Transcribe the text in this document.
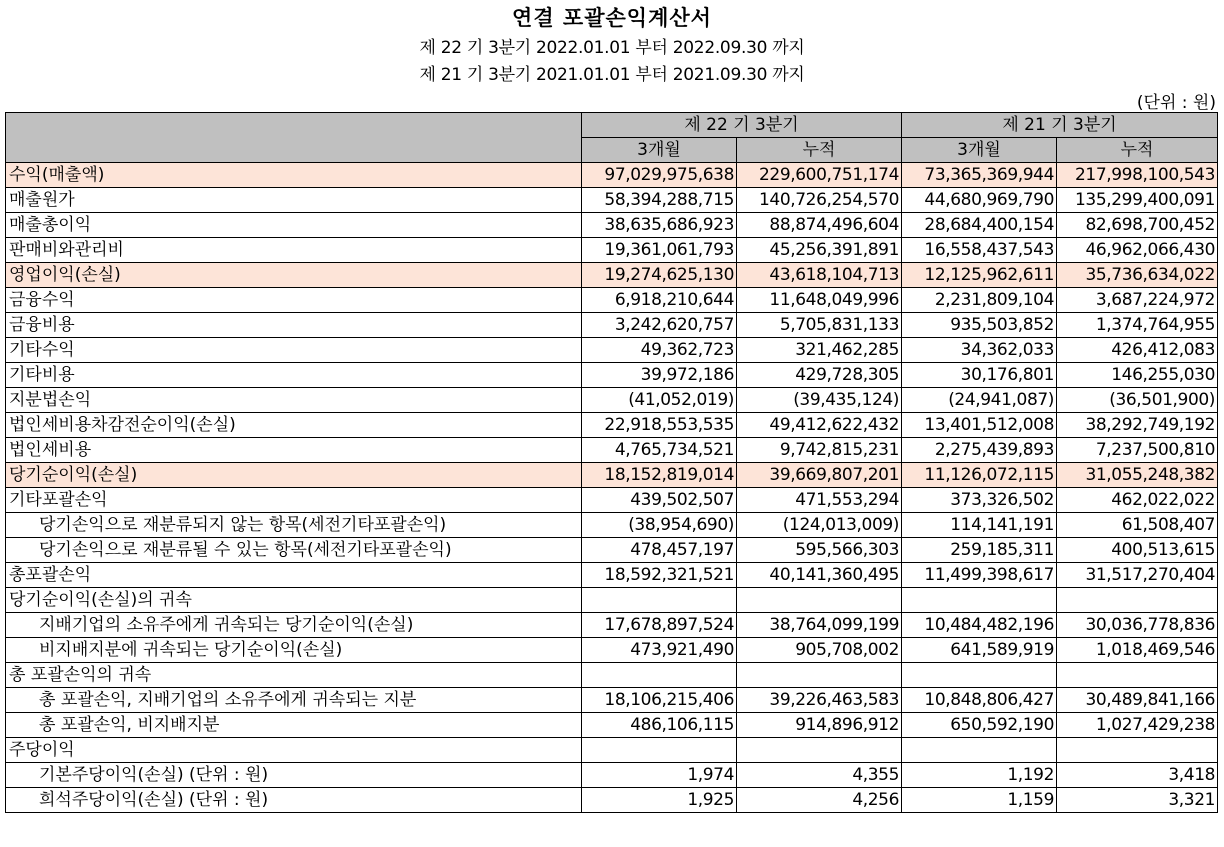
연결 포괄손익계산서
제 22 기 3분기 2022.01.01 부터 2022.09.30 까지
제 21 기 3분기 2021.01.01 부터 2021.09.30 까지
(단위 : 원)
	제 22 기 3분기		제 21 기 3분기	
	3개월	누적	3개월	누적
수익(매출액)	97,029,975,638	229,600,751,174	73,365,369,944	217,998,100,543
매출원가	58,394,288,715	140,726,254,570	44,680,969,790	135,299,400,091
매출총이익	38,635,686,923	88,874,496,604	28,684,400,154	82,698,700,452
판매비와관리비	19,361,061,793	45,256,391,891	16,558,437,543	46,962,066,430
영업이익(손실)	19,274,625,130	43,618,104,713	12,125,962,611	35,736,634,022
금융수익	6,918,210,644	11,648,049,996	2,231,809,104	3,687,224,972
금융비용	3,242,620,757	5,705,831,133	935,503,852	1,374,764,955
기타수익	49,362,723	321,462,285	34,362,033	426,412,083
기타비용	39,972,186	429,728,305	30,176,801	146,255,030
지분법손익	(41,052,019)	(39,435,124)	(24,941,087)	(36,501,900)
법인세비용차감전순이익(손실)	22,918,553,535	49,412,622,432	13,401,512,008	38,292,749,192
법인세비용	4,765,734,521	9,742,815,231	2,275,439,893	7,237,500,810
당기순이익(손실)	18,152,819,014	39,669,807,201	11,126,072,115	31,055,248,382
기타포괄손익	439,502,507	471,553,294	373,326,502	462,022,022
당기손익으로 재분류되지 않는 항목(세전기타포괄손익)	(38,954,690)	(124,013,009)	114,141,191	61,508,407
당기손익으로 재분류될 수 있는 항목(세전기타포괄손익)	478,457,197	595,566,303	259,185,311	400,513,615
총포괄손익	18,592,321,521	40,141,360,495	11,499,398,617	31,517,270,404
당기순이익(손실)의 귀속				
지배기업의 소유주에게 귀속되는 당기순이익(손실)	17,678,897,524	38,764,099,199	10,484,482,196	30,036,778,836
비지배지분에 귀속되는 당기순이익(손실)	473,921,490	905,708,002	641,589,919	1,018,469,546
총 포괄손익의 귀속				
총 포괄손익, 지배기업의 소유주에게 귀속되는 지분	18,106,215,406	39,226,463,583	10,848,806,427	30,489,841,166
총 포괄손익, 비지배지분	486,106,115	914,896,912	650,592,190	1,027,429,238
주당이익				
기본주당이익(손실) (단위 : 원)	1,974	4,355	1,192	3,418
희석주당이익(손실) (단위 : 원)	1,925	4,256	1,159	3,321
